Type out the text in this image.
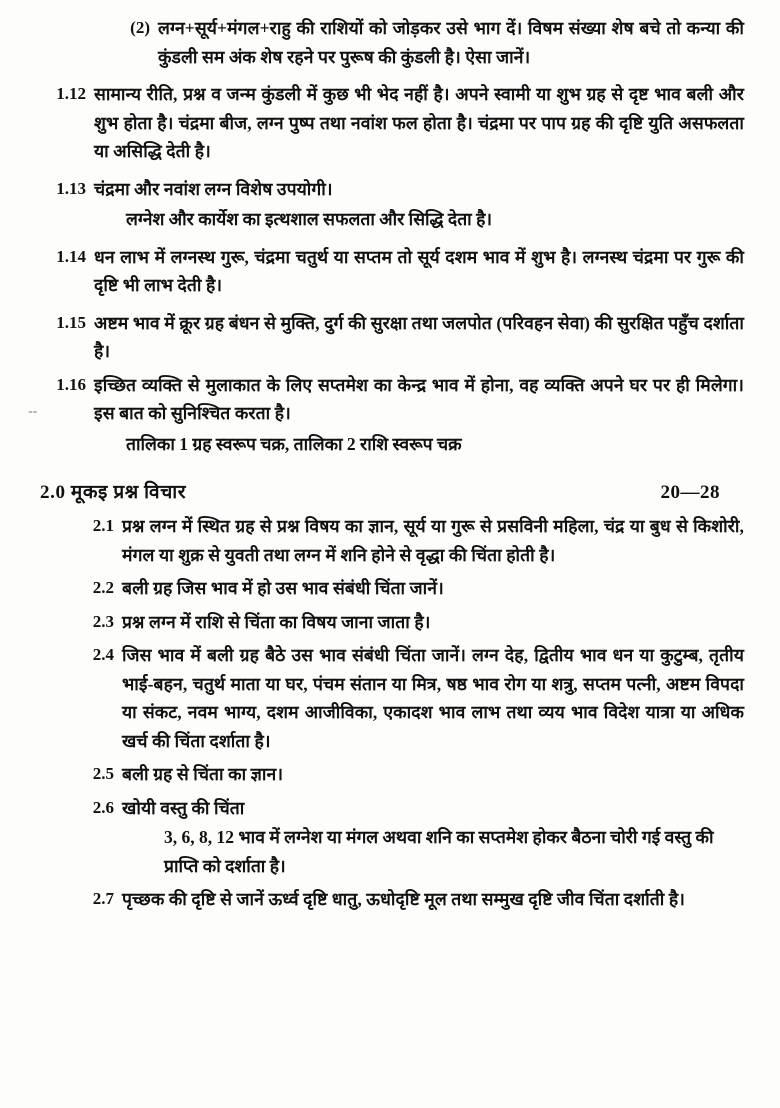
(2) लग्न+सूर्य+मंगल+राहु की राशियों को जोड़कर उसे भाग दें। विषम संख्या शेष बचे तो कन्या की कुंडली सम अंक शेष रहने पर पुरूष की कुंडली है। ऐसा जानें।
1.12 सामान्य रीति, प्रश्न व जन्म कुंडली में कुछ भी भेद नहीं है। अपने स्वामी या शुभ ग्रह से दृष्ट भाव बली और शुभ होता है। चंद्रमा बीज, लग्न पुष्प तथा नवांश फल होता है। चंद्रमा पर पाप ग्रह की दृष्टि युति असफलता या असिद्धि देती है।
1.13 चंद्रमा और नवांश लग्न विशेष उपयोगी।
लग्नेश और कार्येश का इत्थशाल सफलता और सिद्धि देता है।
1.14 धन लाभ में लग्नस्थ गुरू, चंद्रमा चतुर्थ या सप्तम तो सूर्य दशम भाव में शुभ है। लग्नस्थ चंद्रमा पर गुरू की दृष्टि भी लाभ देती है।
1.15 अष्टम भाव में क्रूर ग्रह बंधन से मुक्ति, दुर्ग की सुरक्षा तथा जलपोत (परिवहन सेवा) की सुरक्षित पहुँच दर्शाता है।
1.16 इच्छित व्यक्ति से मुलाकात के लिए सप्तमेश का केन्द्र भाव में होना, वह व्यक्ति अपने घर पर ही मिलेगा। इस बात को सुनिश्चित करता है।
तालिका 1 ग्रह स्वरूप चक्र, तालिका 2 राशि स्वरूप चक्र
2.0 मूकइ प्रश्न विचार	20—28
2.1 प्रश्न लग्न में स्थित ग्रह से प्रश्न विषय का ज्ञान, सूर्य या गुरू से प्रसविनी महिला, चंद्र या बुध से किशोरी, मंगल या शुक्र से युवती तथा लग्न में शनि होने से वृद्धा की चिंता होती है।
2.2 बली ग्रह जिस भाव में हो उस भाव संबंधी चिंता जानें।
2.3 प्रश्न लग्न में राशि से चिंता का विषय जाना जाता है।
2.4 जिस भाव में बली ग्रह बैठे उस भाव संबंधी चिंता जानें। लग्न देह, द्वितीय भाव धन या कुटुम्ब, तृतीय भाई-बहन, चतुर्थ माता या घर, पंचम संतान या मित्र, षष्ठ भाव रोग या शत्रु, सप्तम पत्नी, अष्टम विपदा या संकट, नवम भाग्य, दशम आजीविका, एकादश भाव लाभ तथा व्यय भाव विदेश यात्रा या अधिक खर्च की चिंता दर्शाता है।
2.5 बली ग्रह से चिंता का ज्ञान।
2.6 खोयी वस्तु की चिंता
3, 6, 8, 12 भाव में लग्नेश या मंगल अथवा शनि का सप्तमेश होकर बैठना चोरी गई वस्तु की प्राप्ति को दर्शाता है।
2.7 पृच्छक की दृष्टि से जानें ऊर्ध्व दृष्टि धातु, ऊधोदृष्टि मूल तथा सम्मुख दृष्टि जीव चिंता दर्शाती है।
--
